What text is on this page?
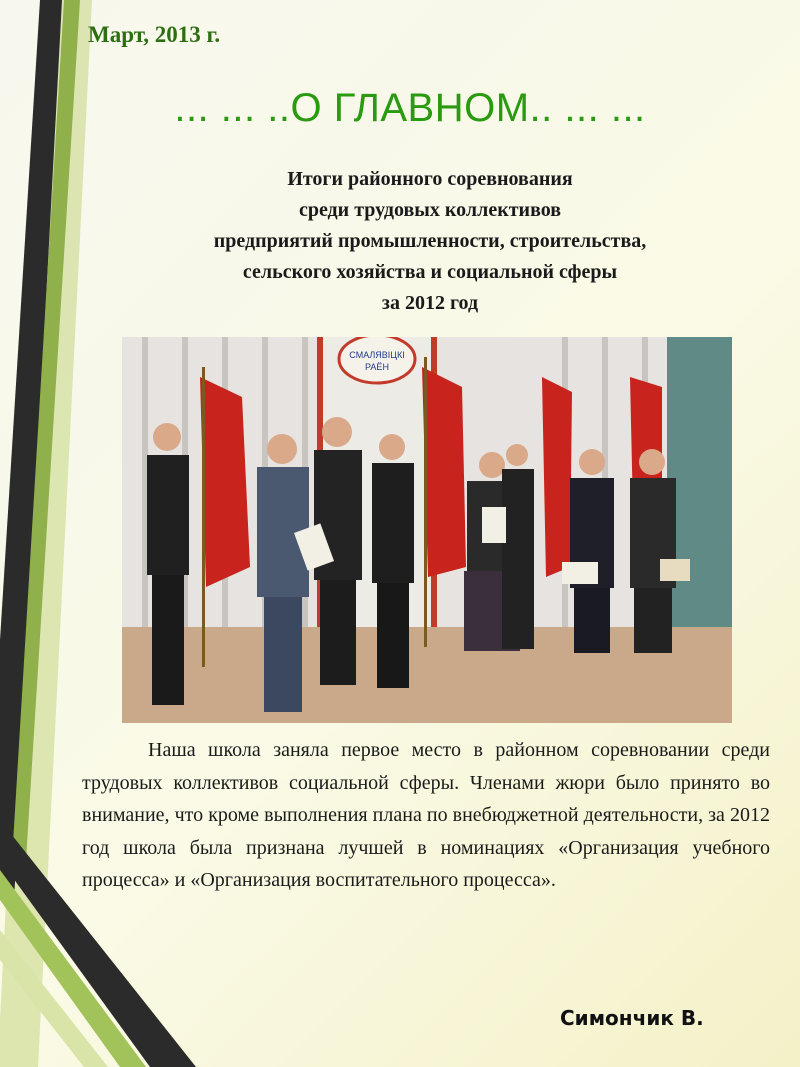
Март, 2013 г.
... ... ..О ГЛАВНОМ.. ... ...
Итоги районного соревнования
среди трудовых коллективов
предприятий промышленности, строительства,
сельского хозяйства и социальной сферы
за 2012 год
СМАЛЯВІЦКІ
РАЁН
Наша школа заняла первое место в районном соревновании среди трудовых коллективов социальной сферы. Членами жюри было принято во внимание, что кроме выполнения плана по внебюджетной деятельности, за 2012 год школа была признана лучшей в номинациях «Организация учебного процесса» и «Организация воспитательного процесса».
Симончик В.
